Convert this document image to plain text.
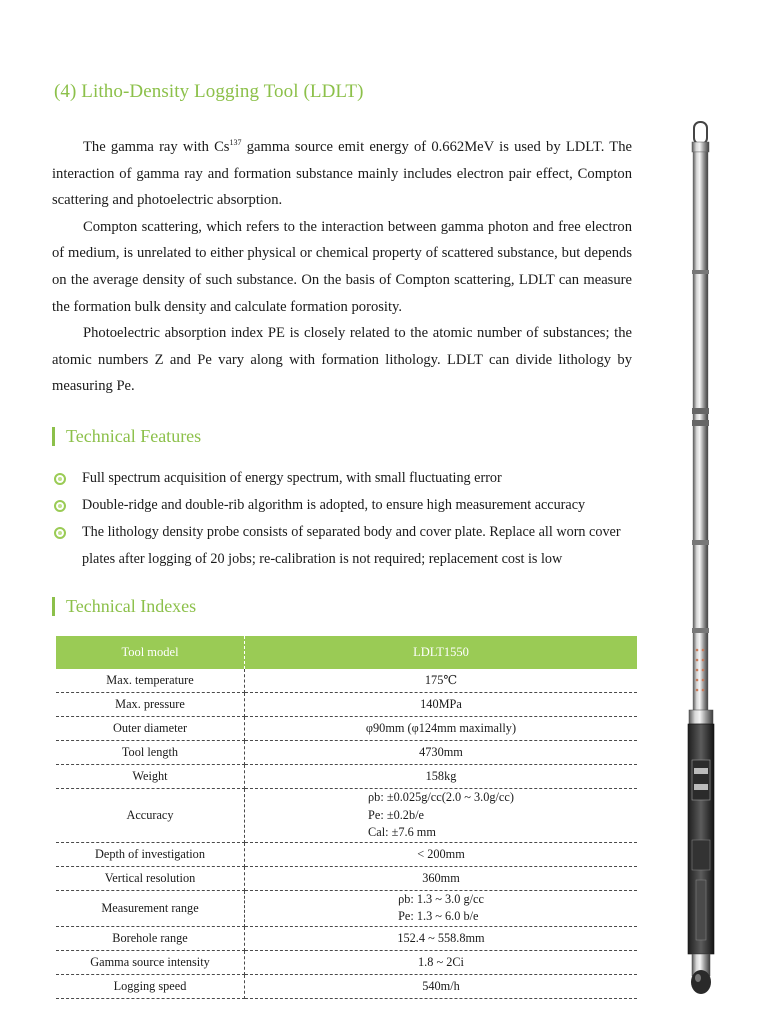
(4) Litho-Density Logging Tool (LDLT)

The gamma ray with Cs$^{137}$ gamma source emit energy of 0.662MeV is used by LDLT. The interaction of gamma ray and formation substance mainly includes electron pair effect, Compton scattering and photoelectric absorption.

Compton scattering, which refers to the interaction between gamma photon and free electron of medium, is unrelated to either physical or chemical property of scattered substance, but depends on the average density of such substance. On the basis of Compton scattering, LDLT can measure the formation bulk density and calculate formation porosity.

Photoelectric absorption index PE is closely related to the atomic number of substances; the atomic numbers Z and Pe vary along with formation lithology. LDLT can divide lithology by measuring Pe.

Technical Features
Full spectrum acquisition of energy spectrum, with small fluctuating error
Double-ridge and double-rib algorithm is adopted, to ensure high measurement accuracy
The lithology density probe consists of separated body and cover plate. Replace all worn cover plates after logging of 20 jobs; re-calibration is not required; replacement cost is low
Technical Indexes
Tool model	LDLT1550
Max. temperature	175℃
Max. pressure	140MPa
Outer diameter	φ90mm (φ124mm maximally)
Tool length	4730mm
Weight	158kg
Accuracy	ρb: ±0.025g/cc(2.0 ~ 3.0g/cc)
Pe: ±0.2b/e
Cal: ±7.6 mm

Depth of investigation	< 200mm
Vertical resolution	360mm
Measurement range	ρb: 1.3 ~ 3.0 g/cc
Pe: 1.3 ~ 6.0 b/e

Borehole range	152.4 ~ 558.8mm
Gamma source intensity	1.8 ~ 2Ci
Logging speed	540m/h
